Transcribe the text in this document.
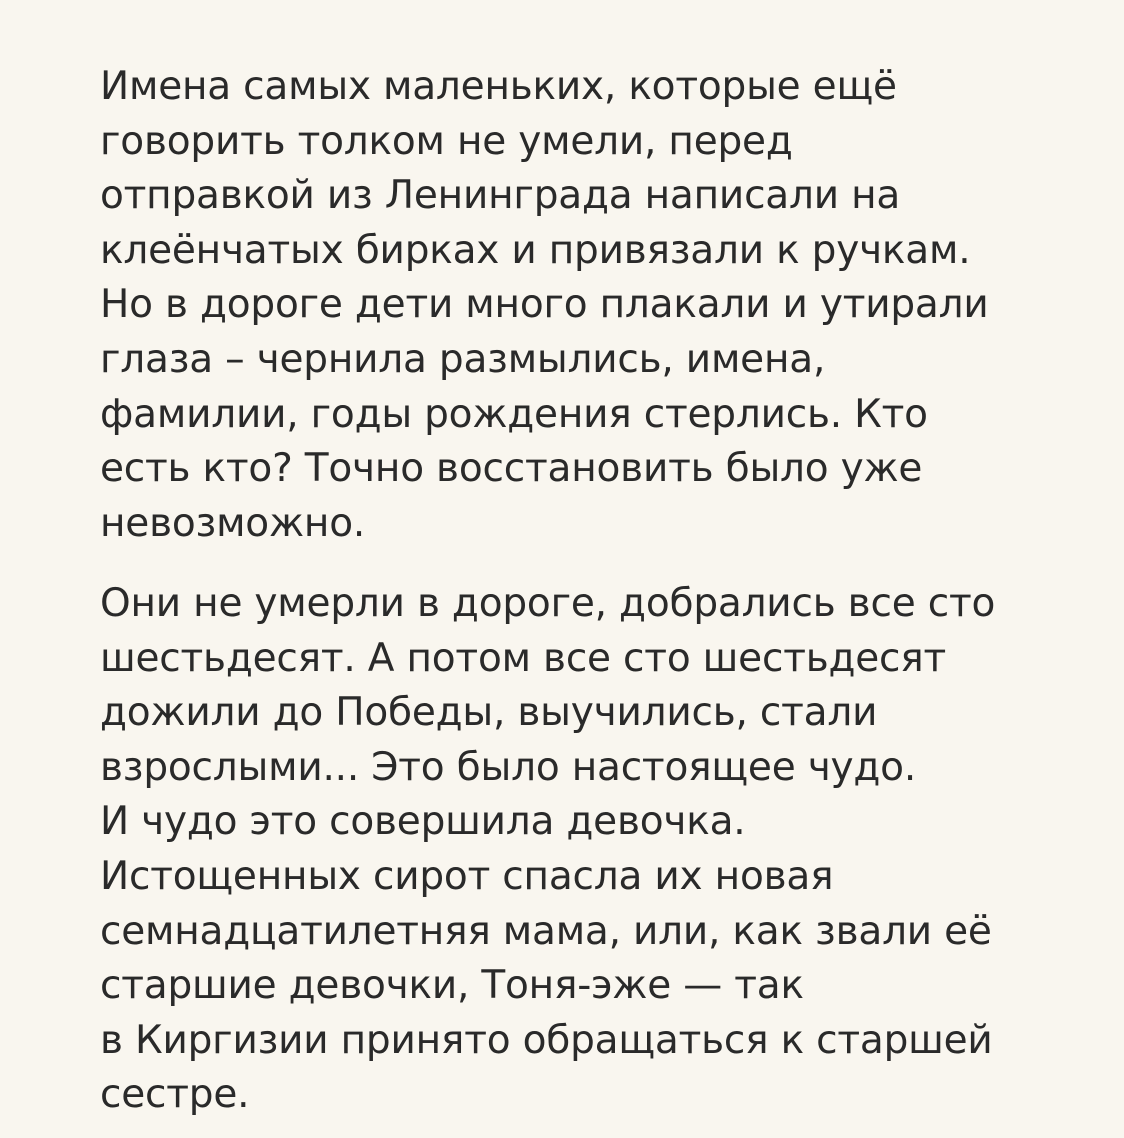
Имена самых маленьких, которые ещё
говорить толком не умели, перед
отправкой из Ленинграда написали на
клеёнчатых бирках и привязали к ручкам.
Но в дороге дети много плакали и утирали
глаза – чернила размылись, имена,
фамилии, годы рождения стерлись. Кто
есть кто? Точно восстановить было уже
невозможно.
Они не умерли в дороге, добрались все сто
шестьдесят. А потом все сто шестьдесят
дожили до Победы, выучились, стали
взрослыми... Это было настоящее чудо.
И чудо это совершила девочка.
Истощенных сирот спасла их новая
семнадцатилетняя мама, или, как звали её
старшие девочки, Тоня-эже — так
в Киргизии принято обращаться к старшей
сестре.
